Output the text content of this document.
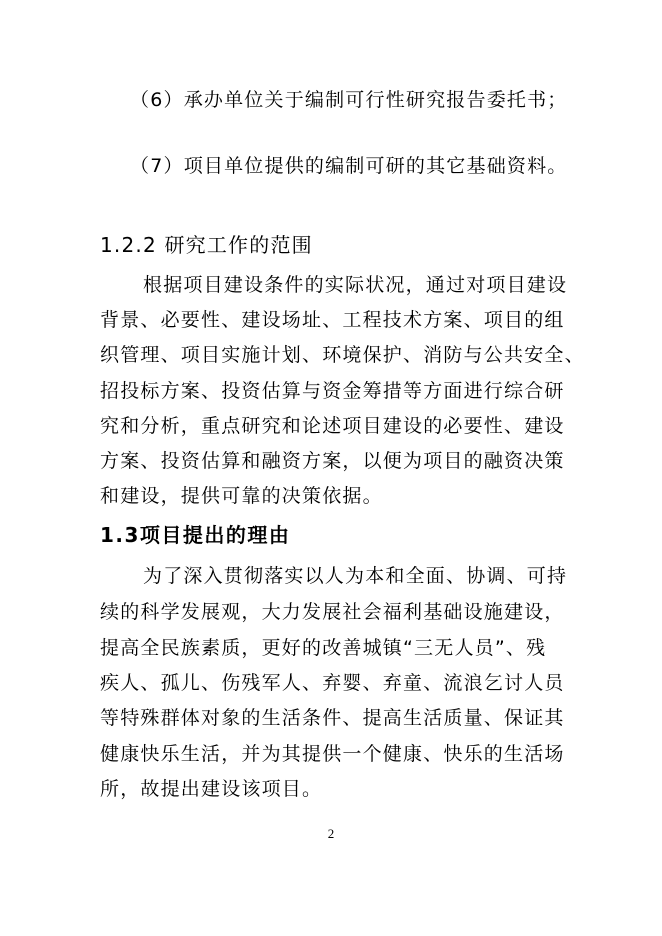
（6）承办单位关于编制可行性研究报告委托书；
（7）项目单位提供的编制可研的其它基础资料。
1.2.2 研究工作的范围
根据项目建设条件的实际状况，通过对项目建设
背景、必要性、建设场址、工程技术方案、项目的组
织管理、项目实施计划、环境保护、消防与公共安全、
招投标方案、投资估算与资金筹措等方面进行综合研
究和分析，重点研究和论述项目建设的必要性、建设
方案、投资估算和融资方案，以便为项目的融资决策
和建设，提供可靠的决策依据。
1.3项目提出的理由
为了深入贯彻落实以人为本和全面、协调、可持
续的科学发展观，大力发展社会福利基础设施建设，
提高全民族素质，更好的改善城镇“三无人员”、残
疾人、孤儿、伤残军人、弃婴、弃童、流浪乞讨人员
等特殊群体对象的生活条件、提高生活质量、保证其
健康快乐生活，并为其提供一个健康、快乐的生活场
所，故提出建设该项目。
2
